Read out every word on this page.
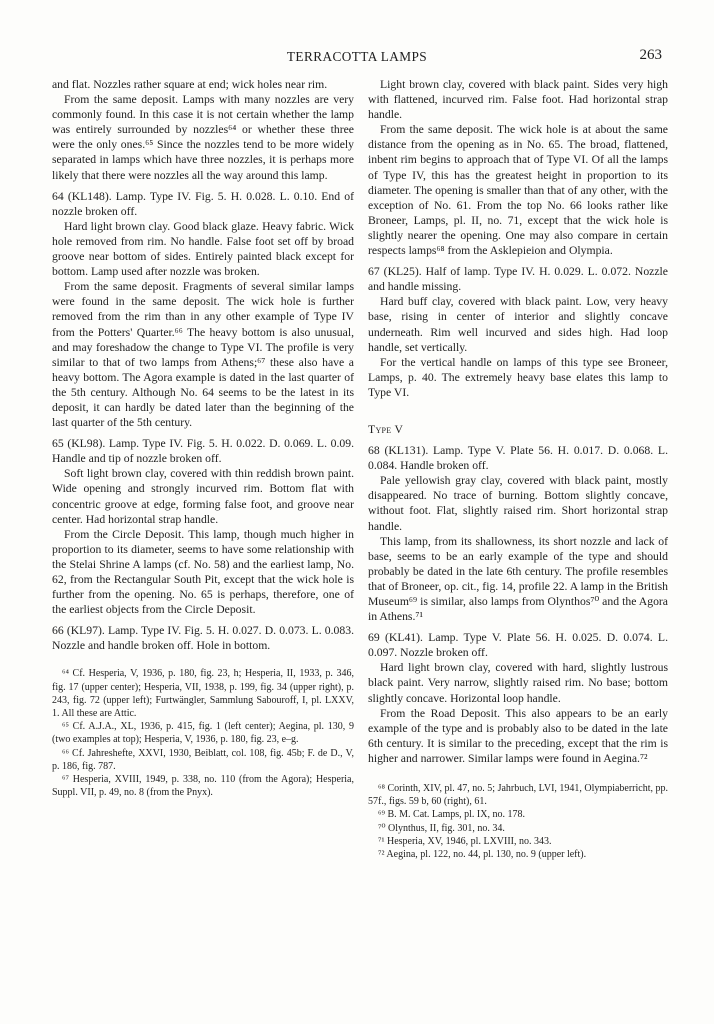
TERRACOTTA LAMPS	263

and flat. Nozzles rather square at end; wick holes near rim.

From the same deposit. Lamps with many nozzles are very commonly found. In this case it is not certain whether the lamp was entirely surrounded by nozzles⁶⁴ or whether these three were the only ones.⁶⁵ Since the nozzles tend to be more widely separated in lamps which have three nozzles, it is perhaps more likely that there were nozzles all the way around this lamp.

64 (KL148). Lamp. Type IV. Fig. 5. H. 0.028. L. 0.10. End of nozzle broken off.

Hard light brown clay. Good black glaze. Heavy fabric. Wick hole removed from rim. No handle. False foot set off by broad groove near bottom of sides. Entirely painted black except for bottom. Lamp used after nozzle was broken.

From the same deposit. Fragments of several similar lamps were found in the same deposit. The wick hole is further removed from the rim than in any other example of Type IV from the Potters' Quarter.⁶⁶ The heavy bottom is also unusual, and may foreshadow the change to Type VI. The profile is very similar to that of two lamps from Athens;⁶⁷ these also have a heavy bottom. The Agora example is dated in the last quarter of the 5th century. Although No. 64 seems to be the latest in its deposit, it can hardly be dated later than the beginning of the last quarter of the 5th century.

65 (KL98). Lamp. Type IV. Fig. 5. H. 0.022. D. 0.069. L. 0.09. Handle and tip of nozzle broken off.

Soft light brown clay, covered with thin reddish brown paint. Wide opening and strongly incurved rim. Bottom flat with concentric groove at edge, forming false foot, and groove near center. Had horizontal strap handle.

From the Circle Deposit. This lamp, though much higher in proportion to its diameter, seems to have some relationship with the Stelai Shrine A lamps (cf. No. 58) and the earliest lamp, No. 62, from the Rectangular South Pit, except that the wick hole is further from the opening. No. 65 is perhaps, therefore, one of the earliest objects from the Circle Deposit.

66 (KL97). Lamp. Type IV. Fig. 5. H. 0.027. D. 0.073. L. 0.083. Nozzle and handle broken off. Hole in bottom.

⁶⁴ Cf. Hesperia, V, 1936, p. 180, fig. 23, h; Hesperia, II, 1933, p. 346, fig. 17 (upper center); Hesperia, VII, 1938, p. 199, fig. 34 (upper right), p. 243, fig. 72 (upper left); Furtwängler, Sammlung Sabouroff, I, pl. LXXV, 1. All these are Attic.

⁶⁵ Cf. A.J.A., XL, 1936, p. 415, fig. 1 (left center); Aegina, pl. 130, 9 (two examples at top); Hesperia, V, 1936, p. 180, fig. 23, e–g.

⁶⁶ Cf. Jahreshefte, XXVI, 1930, Beiblatt, col. 108, fig. 45b; F. de D., V, p. 186, fig. 787.

⁶⁷ Hesperia, XVIII, 1949, p. 338, no. 110 (from the Agora); Hesperia, Suppl. VII, p. 49, no. 8 (from the Pnyx).

Light brown clay, covered with black paint. Sides very high with flattened, incurved rim. False foot. Had horizontal strap handle.

From the same deposit. The wick hole is at about the same distance from the opening as in No. 65. The broad, flattened, inbent rim begins to approach that of Type VI. Of all the lamps of Type IV, this has the greatest height in proportion to its diameter. The opening is smaller than that of any other, with the exception of No. 61. From the top No. 66 looks rather like Broneer, Lamps, pl. II, no. 71, except that the wick hole is slightly nearer the opening. One may also compare in certain respects lamps⁶⁸ from the Asklepieion and Olympia.

67 (KL25). Half of lamp. Type IV. H. 0.029. L. 0.072. Nozzle and handle missing.

Hard buff clay, covered with black paint. Low, very heavy base, rising in center of interior and slightly concave underneath. Rim well incurved and sides high. Had loop handle, set vertically.

For the vertical handle on lamps of this type see Broneer, Lamps, p. 40. The extremely heavy base elates this lamp to Type VI.

Type V

68 (KL131). Lamp. Type V. Plate 56. H. 0.017. D. 0.068. L. 0.084. Handle broken off.

Pale yellowish gray clay, covered with black paint, mostly disappeared. No trace of burning. Bottom slightly concave, without foot. Flat, slightly raised rim. Short horizontal strap handle.

This lamp, from its shallowness, its short nozzle and lack of base, seems to be an early example of the type and should probably be dated in the late 6th century. The profile resembles that of Broneer, op. cit., fig. 14, profile 22. A lamp in the British Museum⁶⁹ is similar, also lamps from Olynthos⁷⁰ and the Agora in Athens.⁷¹

69 (KL41). Lamp. Type V. Plate 56. H. 0.025. D. 0.074. L. 0.097. Nozzle broken off.

Hard light brown clay, covered with hard, slightly lustrous black paint. Very narrow, slightly raised rim. No base; bottom slightly concave. Horizontal loop handle.

From the Road Deposit. This also appears to be an early example of the type and is probably also to be dated in the late 6th century. It is similar to the preceding, except that the rim is higher and narrower. Similar lamps were found in Aegina.⁷²

⁶⁸ Corinth, XIV, pl. 47, no. 5; Jahrbuch, LVI, 1941, Olympiaberricht, pp. 57f., figs. 59 b, 60 (right), 61.

⁶⁹ B. M. Cat. Lamps, pl. IX, no. 178.

⁷⁰ Olynthus, II, fig. 301, no. 34.

⁷¹ Hesperia, XV, 1946, pl. LXVIII, no. 343.

⁷² Aegina, pl. 122, no. 44, pl. 130, no. 9 (upper left).
